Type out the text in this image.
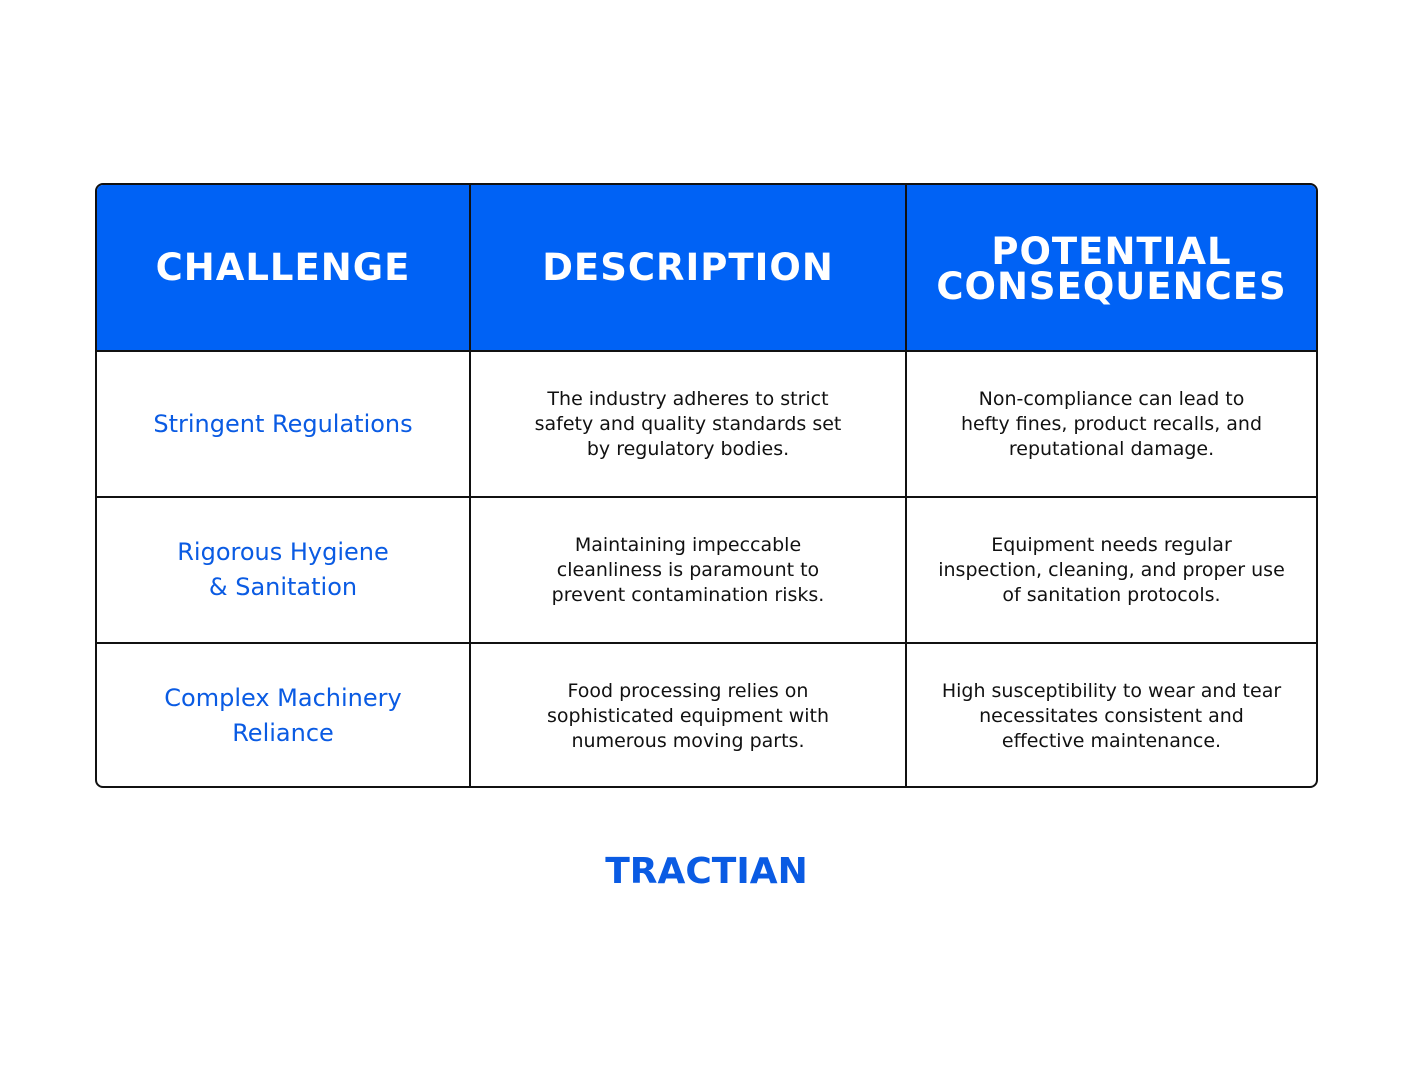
CHALLENGE	DESCRIPTION	POTENTIAL CONSEQUENCES
Stringent Regulations
The industry adheres to strict safety and quality standards set by regulatory bodies.
Non-compliance can lead to hefty fines, product recalls, and reputational damage.
Rigorous Hygiene & Sanitation
Maintaining impeccable cleanliness is paramount to prevent contamination risks.
Equipment needs regular inspection, cleaning, and proper use of sanitation protocols.
Complex Machinery Reliance
Food processing relies on sophisticated equipment with numerous moving parts.
High susceptibility to wear and tear necessitates consistent and effective maintenance.
TRACTIAN
